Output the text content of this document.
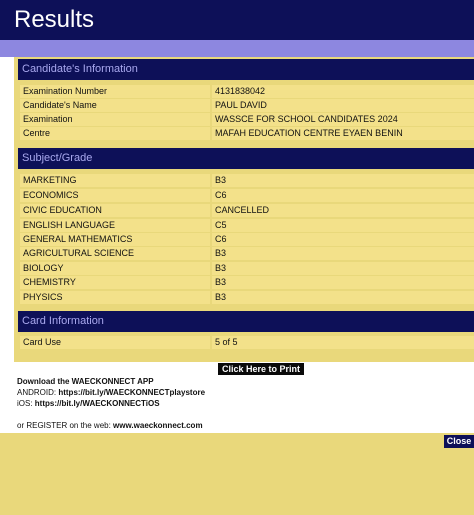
Results
Candidate's Information
Examination Number	4131838042
Candidate's Name	PAUL DAVID
Examination	WASSCE FOR SCHOOL CANDIDATES 2024
Centre	MAFAH EDUCATION CENTRE EYAEN BENIN
Subject/Grade
MARKETING	B3
ECONOMICS	C6
CIVIC EDUCATION	CANCELLED
ENGLISH LANGUAGE	C5
GENERAL MATHEMATICS	C6
AGRICULTURAL SCIENCE	B3
BIOLOGY	B3
CHEMISTRY	B3
PHYSICS	B3
Card Information
Card Use	5 of 5
Click Here to Print
Download the WAECKONNECT APP
ANDROID: https://bit.ly/WAECKONNECTplaystore
iOS: https://bit.ly/WAECKONNECTiOS
or REGISTER on the web: www.waeckonnect.com
Close
